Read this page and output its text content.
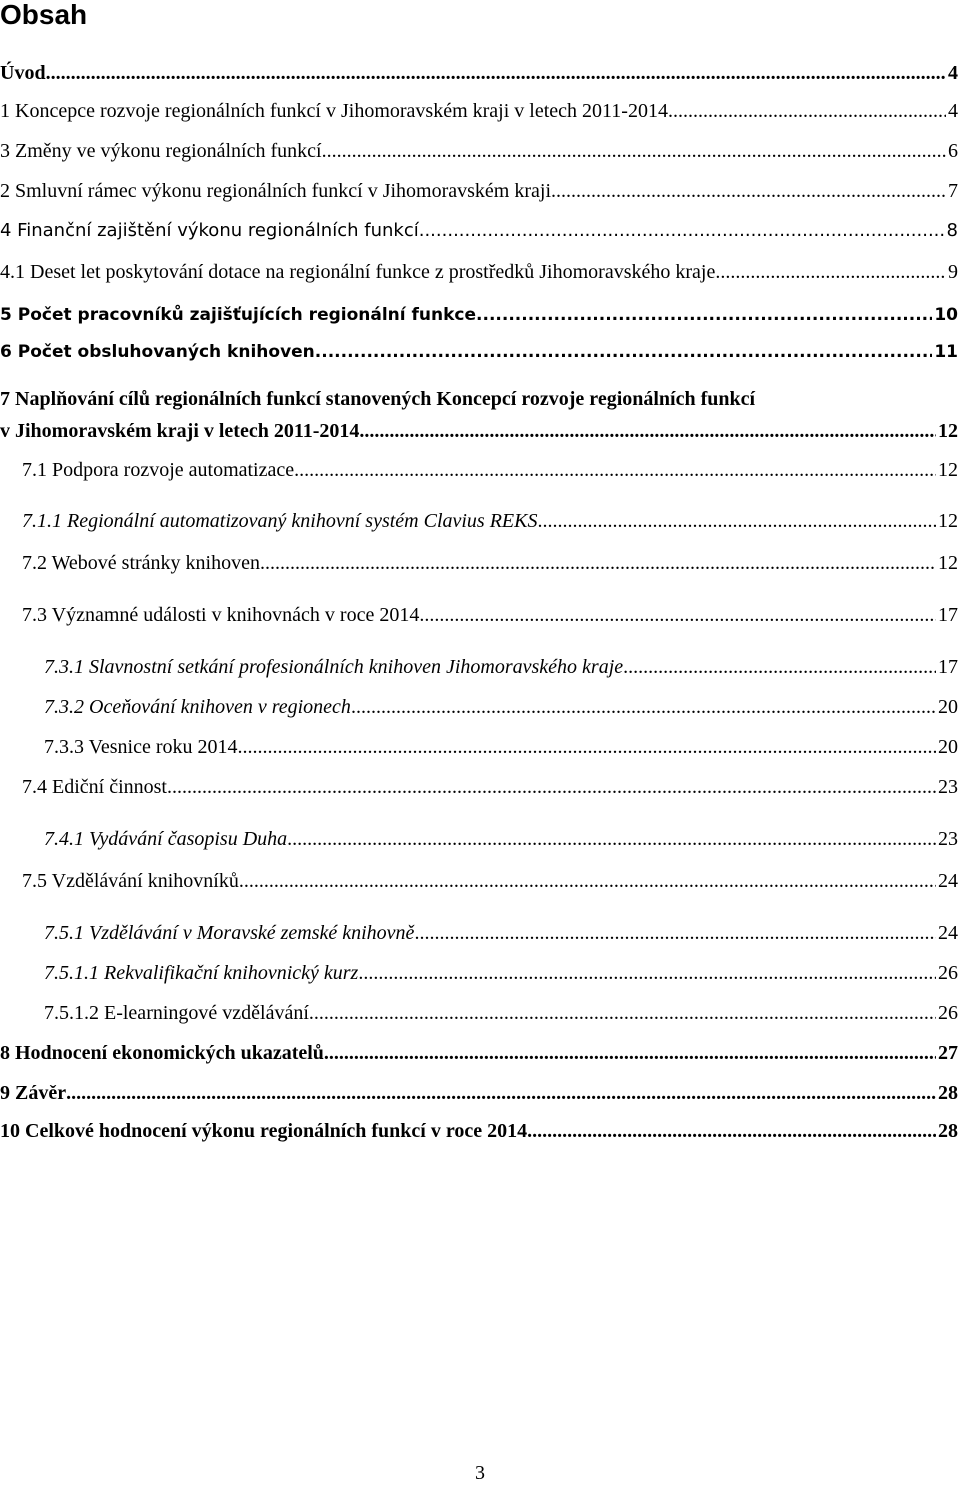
Obsah
Úvod .....	4
1 Koncepce rozvoje regionálních funkcí v Jihomoravském kraji v letech 2011-2014 .....	4
3 Změny ve výkonu regionálních funkcí .....	6
2 Smluvní rámec výkonu regionálních funkcí v Jihomoravském kraji .....	7
4 Finanční zajištění výkonu regionálních funkcí .....	8
4.1 Deset let poskytování dotace na regionální funkce z prostředků Jihomoravského kraje .....	9
5 Počet pracovníků zajišťujících regionální funkce .....	10
6 Počet obsluhovaných knihoven .....	11
7 Naplňování cílů regionálních funkcí stanovených Koncepcí rozvoje regionálních funkcí
v Jihomoravském kraji v letech 2011-2014 .....	12
7.1 Podpora rozvoje automatizace .....	12
7.1.1 Regionální automatizovaný knihovní systém Clavius REKS .....	12
7.2 Webové stránky knihoven .....	12
7.3 Významné události v knihovnách v roce 2014 .....	17
7.3.1 Slavnostní setkání profesionálních knihoven Jihomoravského kraje .....	17
7.3.2 Oceňování knihoven v regionech .....	20
7.3.3 Vesnice roku 2014 .....	20
7.4 Ediční činnost .....	23
7.4.1 Vydávání časopisu Duha .....	23
7.5 Vzdělávání knihovníků .....	24
7.5.1 Vzdělávání v Moravské zemské knihovně .....	24
7.5.1.1 Rekvalifikační knihovnický kurz .....	26
7.5.1.2 E-learningové vzdělávání .....	26
8 Hodnocení ekonomických ukazatelů .....	27
9 Závěr .....	28
10 Celkové hodnocení výkonu regionálních funkcí v roce 2014 .....	28
3
